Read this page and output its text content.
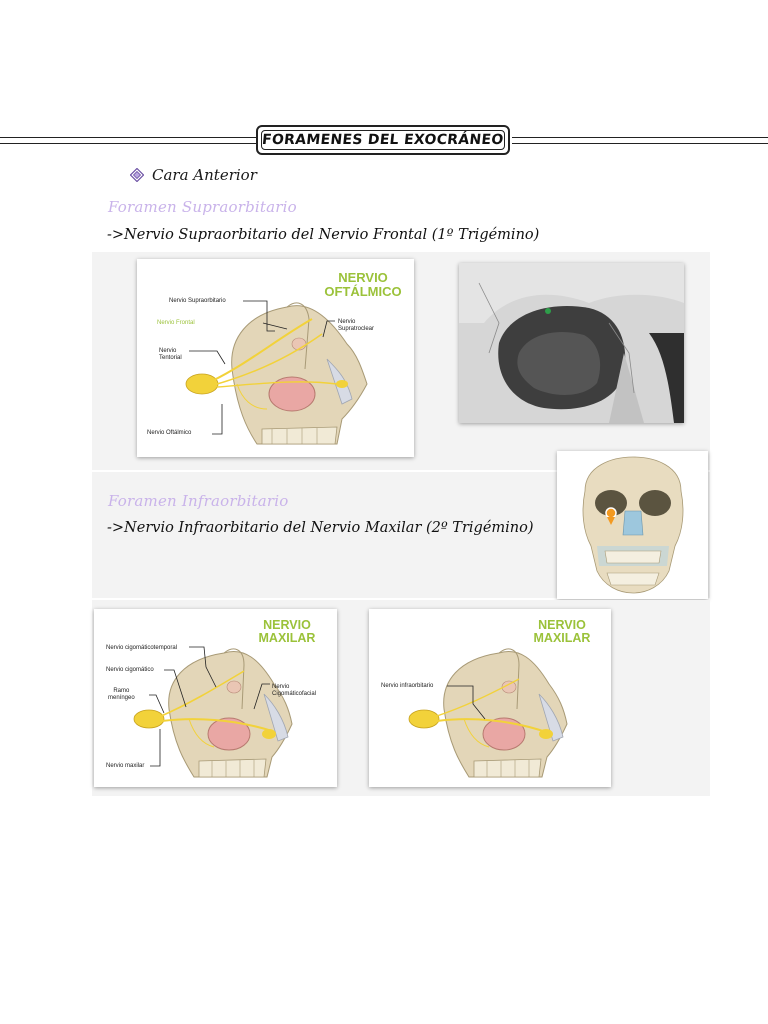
FORAMENES DEL EXOCRÁNEO
Cara Anterior
Foramen Supraorbitario
->Nervio Supraorbitario del Nervio Frontal (1º Trigémino)
NERVIO
OFTÁLMICO
Nervio Supraorbitario
Nervio Frontal
Nervio
Tentorial
Nervio
Supratroclear
Nervio Oftálmico
Foramen Infraorbitario
->Nervio Infraorbitario del Nervio Maxilar (2º Trigémino)
NERVIO
MAXILAR
Nervio cigomáticotemporal
Nervio cigomático
Ramo
meníngeo
Nervio
Cigomáticofacial
Nervio maxilar
NERVIO
MAXILAR
Nervio infraorbitario
